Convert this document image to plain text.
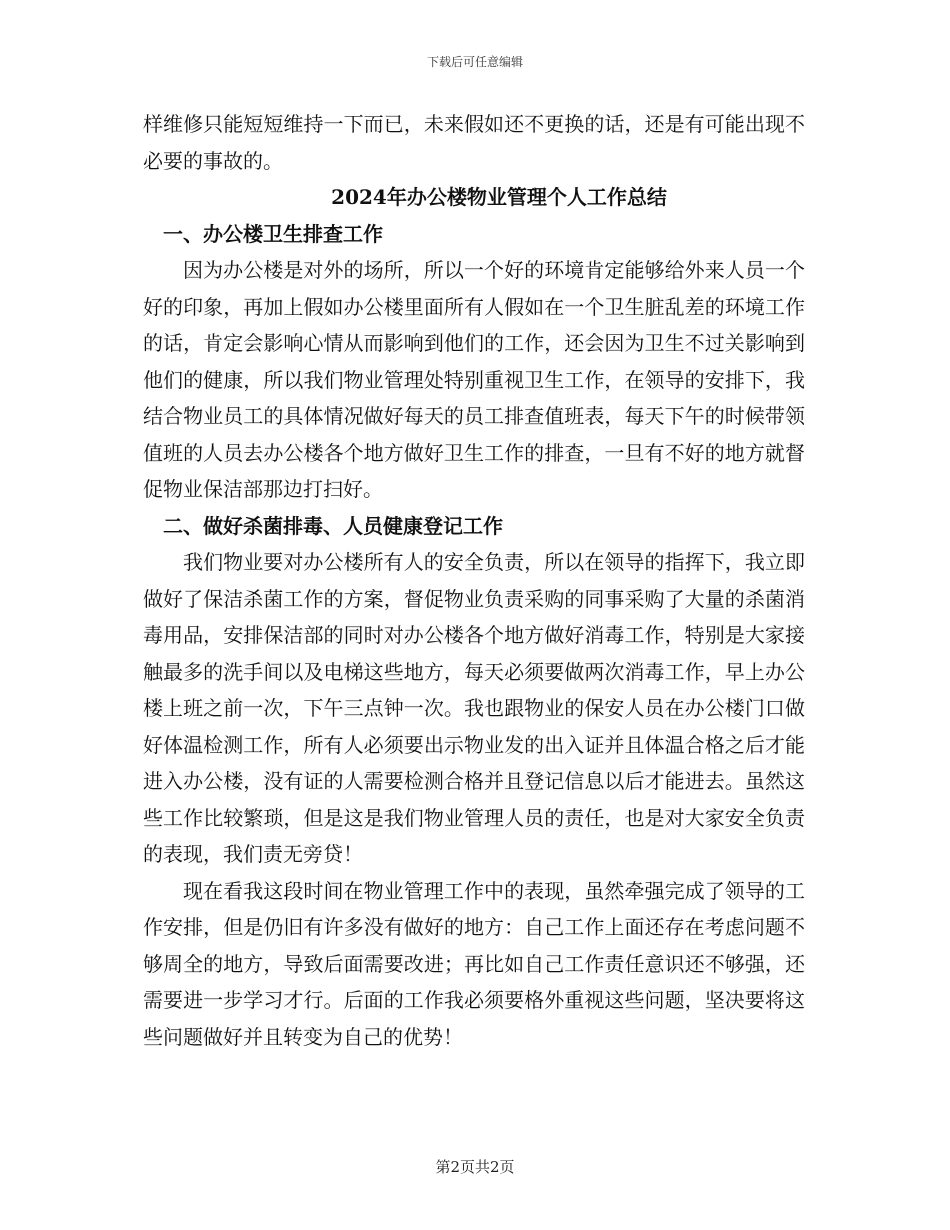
下载后可任意编辑

样维修只能短短维持一下而已，未来假如还不更换的话，还是有可能出现不必要的事故的。

2024年办公楼物业管理个人工作总结

一、办公楼卫生排查工作

因为办公楼是对外的场所，所以一个好的环境肯定能够给外来人员一个好的印象，再加上假如办公楼里面所有人假如在一个卫生脏乱差的环境工作的话，肯定会影响心情从而影响到他们的工作，还会因为卫生不过关影响到他们的健康，所以我们物业管理处特别重视卫生工作，在领导的安排下，我结合物业员工的具体情况做好每天的员工排查值班表，每天下午的时候带领值班的人员去办公楼各个地方做好卫生工作的排查，一旦有不好的地方就督促物业保洁部那边打扫好。

二、做好杀菌排毒、人员健康登记工作

我们物业要对办公楼所有人的安全负责，所以在领导的指挥下，我立即做好了保洁杀菌工作的方案，督促物业负责采购的同事采购了大量的杀菌消毒用品，安排保洁部的同时对办公楼各个地方做好消毒工作，特别是大家接触最多的洗手间以及电梯这些地方，每天必须要做两次消毒工作，早上办公楼上班之前一次，下午三点钟一次。我也跟物业的保安人员在办公楼门口做好体温检测工作，所有人必须要出示物业发的出入证并且体温合格之后才能进入办公楼，没有证的人需要检测合格并且登记信息以后才能进去。虽然这些工作比较繁琐，但是这是我们物业管理人员的责任，也是对大家安全负责的表现，我们责无旁贷！

现在看我这段时间在物业管理工作中的表现，虽然牵强完成了领导的工作安排，但是仍旧有许多没有做好的地方：自己工作上面还存在考虑问题不够周全的地方，导致后面需要改进；再比如自己工作责任意识还不够强，还需要进一步学习才行。后面的工作我必须要格外重视这些问题，坚决要将这些问题做好并且转变为自己的优势！

第2页共2页
